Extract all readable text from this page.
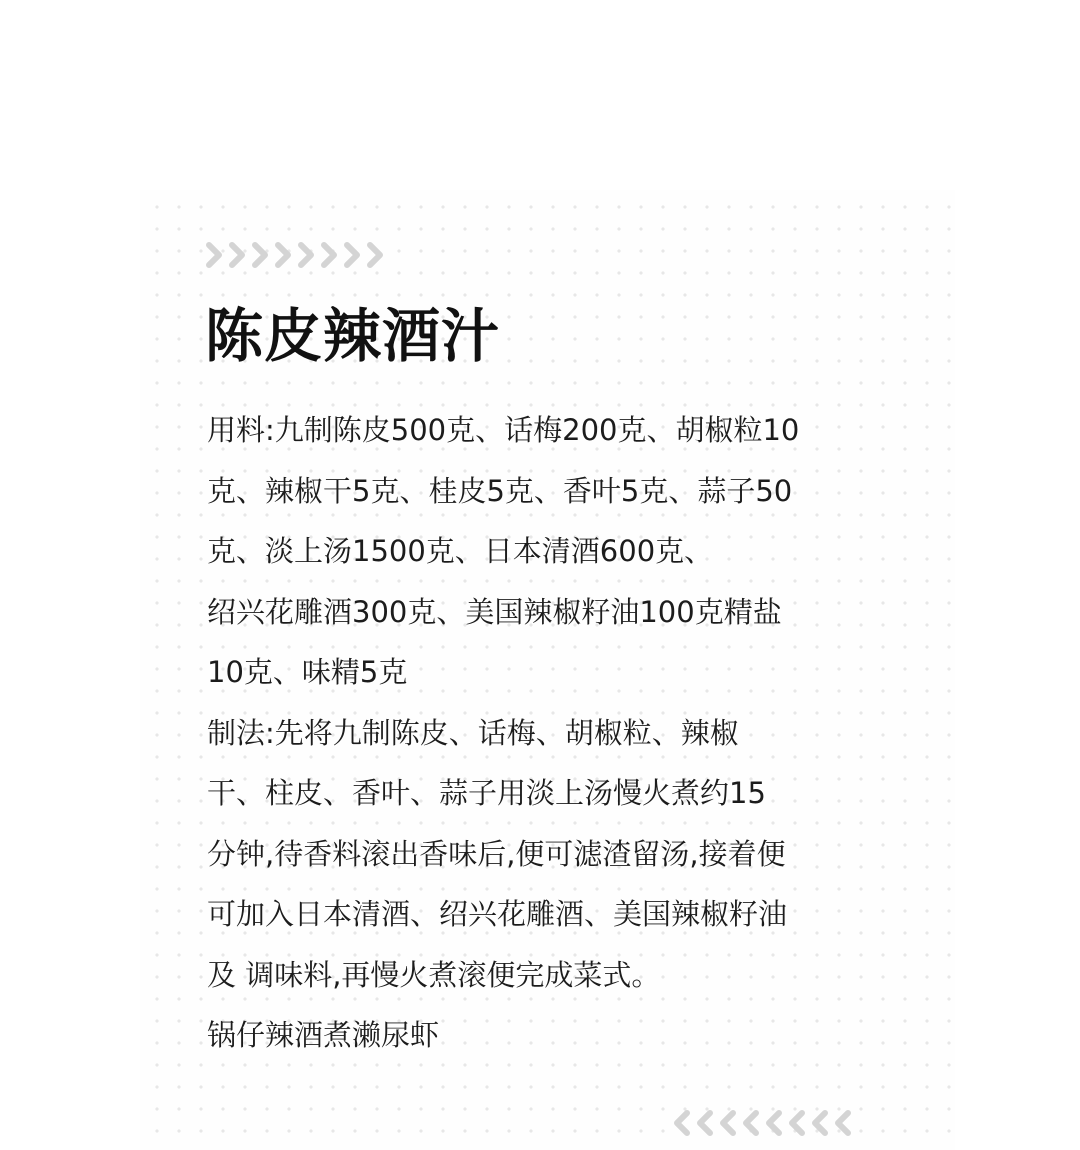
陈皮辣酒汁
用料:九制陈皮500克、话梅200克、胡椒粒10
克、辣椒干5克、桂皮5克、香叶5克、蒜子50
克、淡上汤1500克、日本清酒600克、
绍兴花雕酒300克、美国辣椒籽油100克精盐
10克、味精5克
制法:先将九制陈皮、话梅、胡椒粒、辣椒
干、柱皮、香叶、蒜子用淡上汤慢火煮约15
分钟,待香料滚出香味后,便可滤渣留汤,接着便
可加入日本清酒、绍兴花雕酒、美国辣椒籽油
及 调味料,再慢火煮滚便完成菜式。
锅仔辣酒煮濑尿虾
